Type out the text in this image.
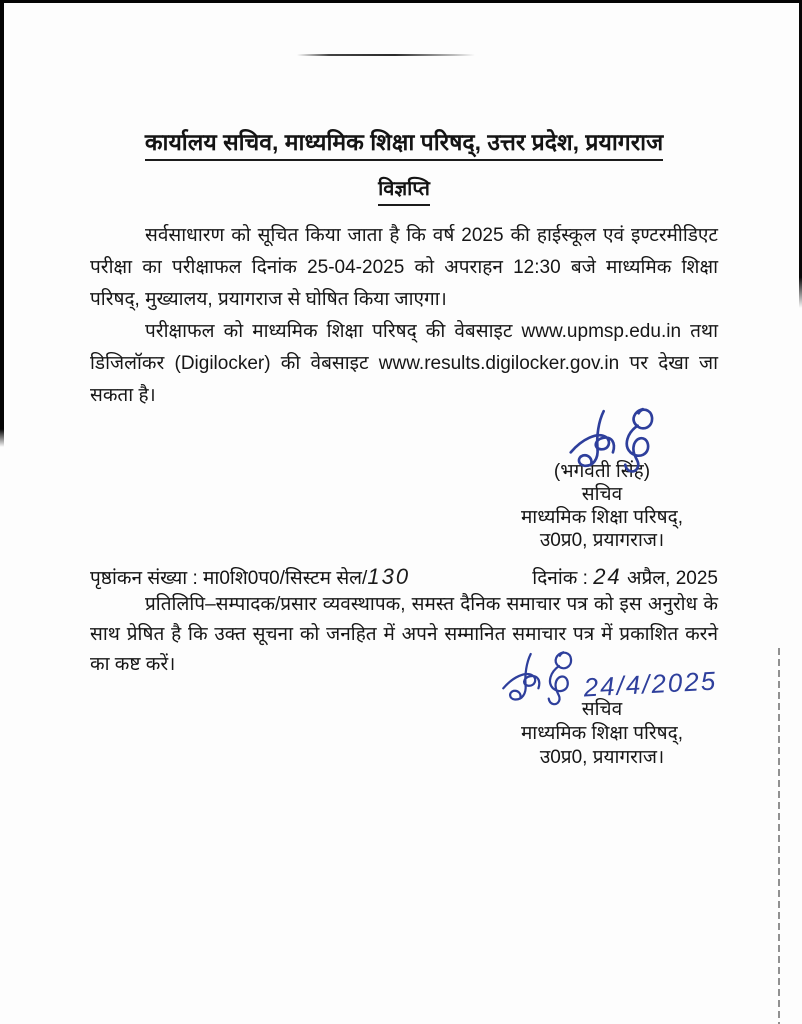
कार्यालय सचिव, माध्यमिक शिक्षा परिषद्, उत्तर प्रदेश, प्रयागराज
विज्ञप्ति

सर्वसाधारण को सूचित किया जाता है कि वर्ष 2025 की हाईस्कूल एवं इण्टरमीडिएट परीक्षा का परीक्षाफल दिनांक 25-04-2025 को अपराहन 12:30 बजे माध्यमिक शिक्षा परिषद्, मुख्यालय, प्रयागराज से घोषित किया जाएगा।

परीक्षाफल को माध्यमिक शिक्षा परिषद् की वेबसाइट www.upmsp.edu.in तथा डिजिलॉकर (Digilocker) की वेबसाइट www.results.digilocker.gov.in पर देखा जा सकता है।

(भगवती सिंह)
सचिव
माध्यमिक शिक्षा परिषद्,
उ0प्र0, प्रयागराज।
पृष्ठांकन संख्या : मा0शि0प0/सिस्टम सेल/130	दिनांक : 24 अप्रैल, 2025

प्रतिलिपि–सम्पादक/प्रसार व्यवस्थापक, समस्त दैनिक समाचार पत्र को इस अनुरोध के साथ प्रेषित है कि उक्त सूचना को जनहित में अपने सम्मानित समाचार पत्र में प्रकाशित करने का कष्ट करें।

24/4/2025
सचिव
माध्यमिक शिक्षा परिषद्,
उ0प्र0, प्रयागराज।
